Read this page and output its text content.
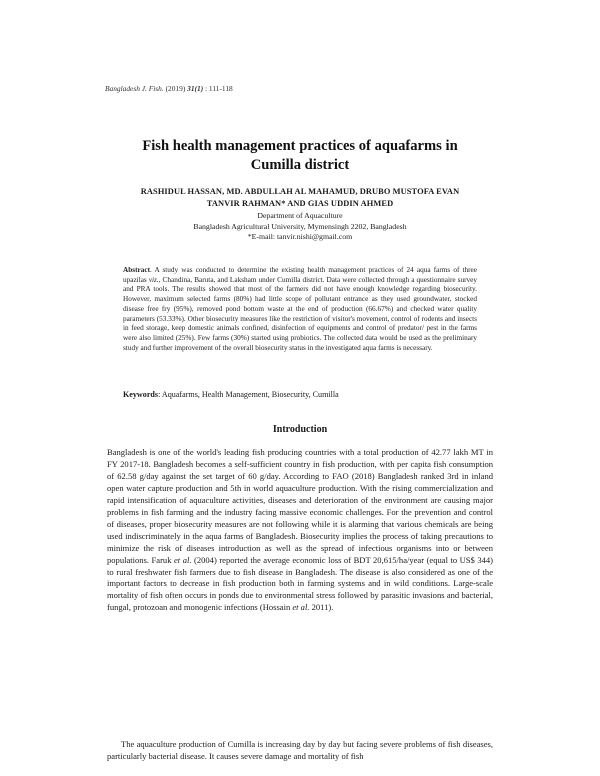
Bangladesh J. Fish. (2019) 31(1) : 111-118
Fish health management practices of aquafarms in
Cumilla district
RASHIDUL HASSAN, MD. ABDULLAH AL MAHAMUD, DRUBO MUSTOFA EVAN
TANVIR RAHMAN* AND GIAS UDDIN AHMED
Department of Aquaculture
Bangladesh Agricultural University, Mymensingh 2202, Bangladesh
*E-mail: tanvir.nishi@gmail.com
Abstract. A study was conducted to determine the existing health management practices of 24 aqua farms of three upazilas viz., Chandina, Baruta, and Laksham under Cumilla district. Data were collected through a questionnaire survey and PRA tools. The results showed that most of the farmers did not have enough knowledge regarding biosecurity. However, maximum selected farms (80%) had little scope of pollutant entrance as they used groundwater, stocked disease free fry (95%), removed pond bottom waste at the end of production (66.67%) and checked water quality parameters (53.33%). Other biosecurity measures like the restriction of visitor's movement, control of rodents and insects in feed storage, keep domestic animals confined, disinfection of equipments and control of predator/ pest in the farms were also limited (25%). Few farms (30%) started using probiotics. The collected data would be used as the preliminary study and further improvement of the overall biosecurity status in the investigated aqua farms is necessary.
Keywords: Aquafarms, Health Management, Biosecurity, Cumilla
Introduction
Bangladesh is one of the world's leading fish producing countries with a total production of 42.77 lakh MT in FY 2017-18. Bangladesh becomes a self-sufficient country in fish production, with per capita fish consumption of 62.58 g/day against the set target of 60 g/day. According to FAO (2018) Bangladesh ranked 3rd in inland open water capture production and 5th in world aquaculture production. With the rising commercialization and rapid intensification of aquaculture activities, diseases and deterioration of the environment are causing major problems in fish farming and the industry facing massive economic challenges. For the prevention and control of diseases, proper biosecurity measures are not following while it is alarming that various chemicals are being used indiscriminately in the aqua farms of Bangladesh. Biosecurity implies the process of taking precautions to minimize the risk of diseases introduction as well as the spread of infectious organisms into or between populations. Faruk et al. (2004) reported the average economic loss of BDT 20,615/ha/year (equal to US$ 344) to rural freshwater fish farmers due to fish disease in Bangladesh. The disease is also considered as one of the important factors to decrease in fish production both in farming systems and in wild conditions. Large-scale mortality of fish often occurs in ponds due to environmental stress followed by parasitic invasions and bacterial, fungal, protozoan and monogenic infections (Hossain et al. 2011).
The aquaculture production of Cumilla is increasing day by day but facing severe problems of fish diseases, particularly bacterial disease. It causes severe damage and mortality of fish
